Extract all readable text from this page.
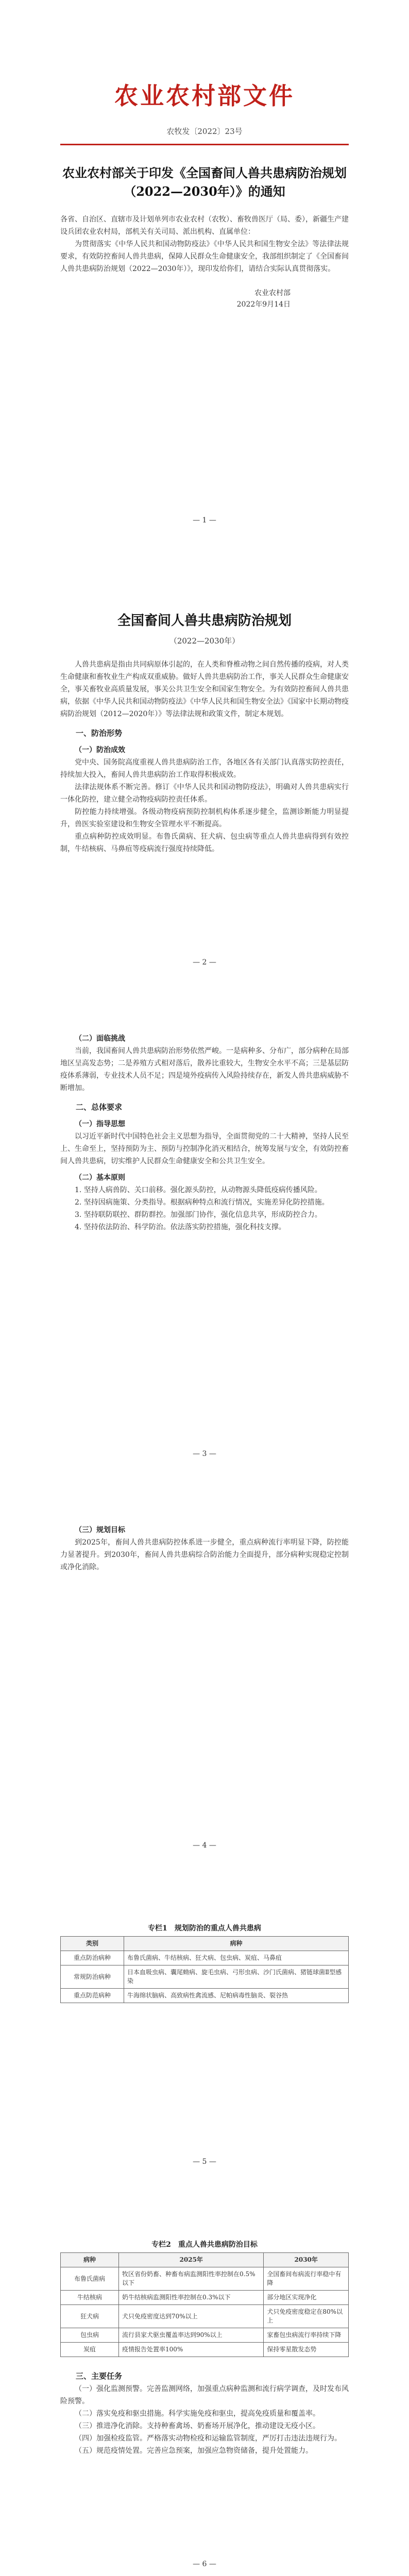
农业农村部文件
农牧发〔2022〕23号
农业农村部关于印发《全国畜间人兽共患病防治规划（2022—2030年）》的通知

各省、自治区、直辖市及计划单列市农业农村（农牧）、畜牧兽医厅（局、委），新疆生产建设兵团农业农村局，部机关有关司局、派出机构、直属单位：

为贯彻落实《中华人民共和国动物防疫法》《中华人民共和国生物安全法》等法律法规要求，有效防控畜间人兽共患病，保障人民群众生命健康安全，我部组织制定了《全国畜间人兽共患病防治规划（2022—2030年）》，现印发给你们，请结合实际认真贯彻落实。

农业农村部
2022年9月14日
— 1 —
全国畜间人兽共患病防治规划
（2022—2030年）

人兽共患病是指由共同病原体引起的，在人类和脊椎动物之间自然传播的疫病，对人类生命健康和畜牧业生产构成双重威胁。做好人兽共患病防治工作，事关人民群众生命健康安全，事关畜牧业高质量发展，事关公共卫生安全和国家生物安全。为有效防控畜间人兽共患病，依据《中华人民共和国动物防疫法》《中华人民共和国生物安全法》《国家中长期动物疫病防治规划（2012—2020年）》等法律法规和政策文件，制定本规划。

一、防治形势
（一）防治成效

党中央、国务院高度重视人兽共患病防治工作，各地区各有关部门认真落实防控责任，持续加大投入，畜间人兽共患病防治工作取得积极成效。

法律法规体系不断完善。修订《中华人民共和国动物防疫法》，明确对人兽共患病实行一体化防控，建立健全动物疫病防控责任体系。

防控能力持续增强。各级动物疫病预防控制机构体系逐步健全，监测诊断能力明显提升，兽医实验室建设和生物安全管理水平不断提高。

重点病种防控成效明显。布鲁氏菌病、狂犬病、包虫病等重点人兽共患病得到有效控制，牛结核病、马鼻疽等疫病流行强度持续降低。

— 2 —
（二）面临挑战

当前，我国畜间人兽共患病防治形势依然严峻。一是病种多、分布广，部分病种在局部地区呈高发态势；二是养殖方式相对落后，散养比重较大，生物安全水平不高；三是基层防疫体系薄弱，专业技术人员不足；四是境外疫病传入风险持续存在，新发人兽共患病威胁不断增加。

二、总体要求
（一）指导思想

以习近平新时代中国特色社会主义思想为指导，全面贯彻党的二十大精神，坚持人民至上、生命至上，坚持预防为主、预防与控制净化消灭相结合，统筹发展与安全，有效防控畜间人兽共患病，切实维护人民群众生命健康安全和公共卫生安全。

（二）基本原则

1. 坚持人病兽防、关口前移。强化源头防控，从动物源头降低疫病传播风险。

2. 坚持因病施策、分类指导。根据病种特点和流行情况，实施差异化防控措施。

3. 坚持联防联控、群防群控。加强部门协作，强化信息共享，形成防控合力。

4. 坚持依法防治、科学防治。依法落实防控措施，强化科技支撑。

— 3 —
（三）规划目标

到2025年，畜间人兽共患病防控体系进一步健全，重点病种流行率明显下降，防控能力显著提升。到2030年，畜间人兽共患病综合防治能力全面提升，部分病种实现稳定控制或净化消除。

— 4 —
专栏1　规划防治的重点人兽共患病
类别	病种
重点防治病种	布鲁氏菌病、牛结核病、狂犬病、包虫病、炭疽、马鼻疽
常规防治病种	日本血吸虫病、囊尾蚴病、旋毛虫病、弓形虫病、沙门氏菌病、猪链球菌Ⅱ型感染
重点防范病种	牛海绵状脑病、高致病性禽流感、尼帕病毒性脑炎、裂谷热
— 5 —
专栏2　重点人兽共患病防治目标
病种	2025年	2030年
布鲁氏菌病	牧区省份奶畜、种畜布病监测阳性率控制在0.5%以下	全国畜间布病流行率稳中有降
牛结核病	奶牛结核病监测阳性率控制在0.3%以下	部分地区实现净化
狂犬病	犬只免疫密度达到70%以上	犬只免疫密度稳定在80%以上
包虫病	流行县家犬驱虫覆盖率达到90%以上	家畜包虫病流行率持续下降
炭疽	疫情报告处置率100%	保持零星散发态势
三、主要任务

（一）强化监测预警。完善监测网络，加强重点病种监测和流行病学调查，及时发布风险预警。

（二）落实免疫和驱虫措施。科学实施免疫和驱虫，提高免疫质量和覆盖率。

（三）推进净化消除。支持种畜禽场、奶畜场开展净化，推动建设无疫小区。

（四）加强检疫监管。严格落实动物检疫和运输监管制度，严厉打击违法违规行为。

（五）规范疫情处置。完善应急预案，加强应急物资储备，提升处置能力。

— 6 —
